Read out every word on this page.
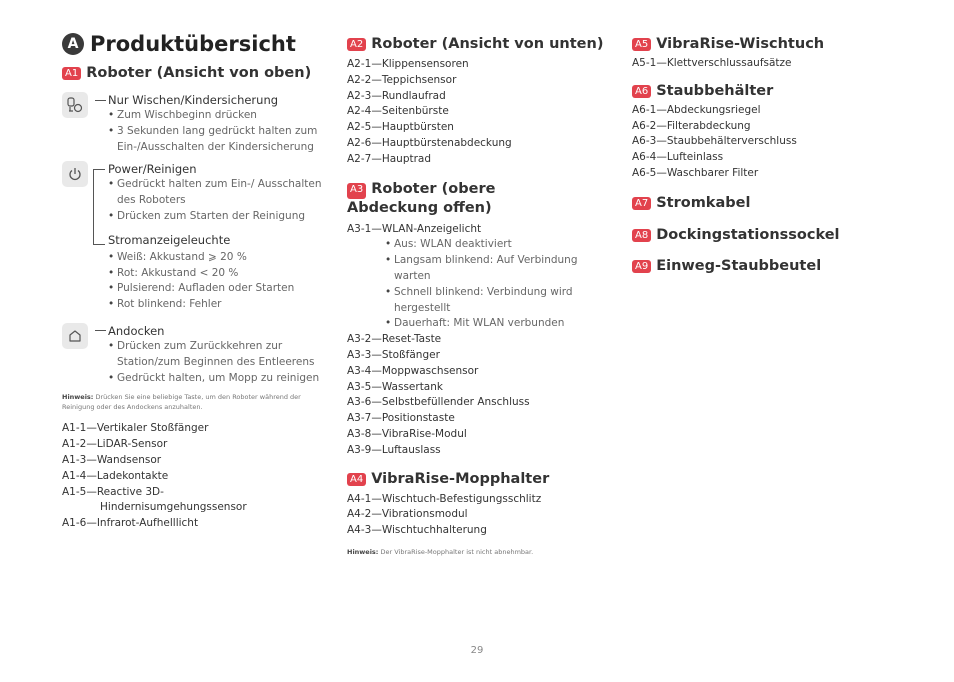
A Produktübersicht
A1 Roboter (Ansicht von oben)
Nur Wischen/Kindersicherung
• Zum Wischbeginn drücken
• 3 Sekunden lang gedrückt halten zum Ein-/Ausschalten der Kindersicherung
Power/Reinigen
• Gedrückt halten zum Ein-/ Ausschalten des Roboters
• Drücken zum Starten der Reinigung
Stromanzeigeleuchte
• Weiß: Akkustand ⩾ 20 %
• Rot: Akkustand < 20 %
• Pulsierend: Aufladen oder Starten
• Rot blinkend: Fehler
Andocken
• Drücken zum Zurückkehren zur Station/zum Beginnen des Entleerens
• Gedrückt halten, um Mopp zu reinigen
Hinweis: Drücken Sie eine beliebige Taste, um den Roboter während der Reinigung oder des Andockens anzuhalten.
A1-1—Vertikaler Stoßfänger
A1-2—LiDAR-Sensor
A1-3—Wandsensor
A1-4—Ladekontakte
A1-5—Reactive 3D-
Hindernisumgehungssensor
A1-6—Infrarot-Aufhelllicht
A2 Roboter (Ansicht von unten)
A2-1—Klippensensoren
A2-2—Teppichsensor
A2-3—Rundlaufrad
A2-4—Seitenbürste
A2-5—Hauptbürsten
A2-6—Hauptbürstenabdeckung
A2-7—Hauptrad
A3 Roboter (obere
Abdeckung offen)
A3-1—WLAN-Anzeigelicht
• Aus: WLAN deaktiviert
• Langsam blinkend: Auf Verbindung warten
• Schnell blinkend: Verbindung wird hergestellt
• Dauerhaft: Mit WLAN verbunden
A3-2—Reset-Taste
A3-3—Stoßfänger
A3-4—Moppwaschsensor
A3-5—Wassertank
A3-6—Selbstbefüllender Anschluss
A3-7—Positionstaste
A3-8—VibraRise-Modul
A3-9—Luftauslass
A4 VibraRise-Mopphalter
A4-1—Wischtuch-Befestigungsschlitz
A4-2—Vibrationsmodul
A4-3—Wischtuchhalterung
Hinweis: Der VibraRise-Mopphalter ist nicht abnehmbar.
A5 VibraRise-Wischtuch
A5-1—Klettverschlussaufsätze
A6 Staubbehälter
A6-1—Abdeckungsriegel
A6-2—Filterabdeckung
A6-3—Staubbehälterverschluss
A6-4—Lufteinlass
A6-5—Waschbarer Filter
A7 Stromkabel
A8 Dockingstationssockel
A9 Einweg-Staubbeutel
29
